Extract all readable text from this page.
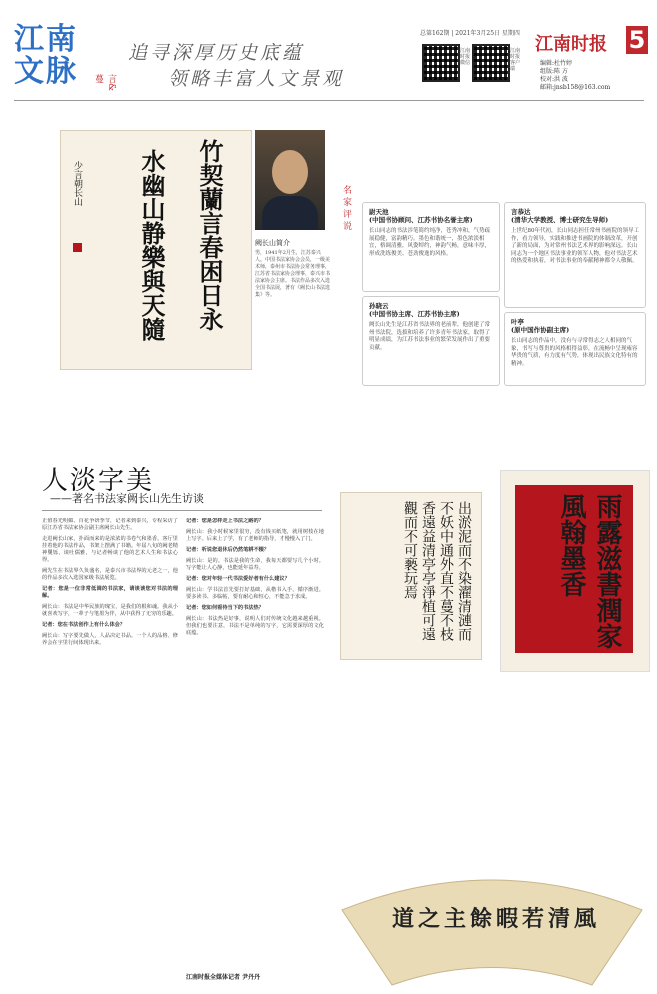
江南文脉	言&蔓
追寻深厚历史底蕴
领略丰富人文景观
总第162期 | 2021年3月25日 星期四
江南时报微信
江南时报客户端
江南时报 5
编辑:杜竹婷
组版:陈 方
校对:洪 波
邮箱:jnsb158@163.com
竹契蘭言春困日永
水幽山静樂與天隨
少言朝长山
阙长山简介
男，1941年2月生，江苏泰兴人。中国书法家协会会员，一级美术师，泰州市书法协会常务理事，江苏省书法家协会理事，泰兴市书法家协会主席。书法作品多次入选全国书法展，著有《阙长山书法选集》等。
名家评说	尉天池
(中国书协顾问、江苏书协名誉主席)
长山同志的书法涉笔简约纯净，苍秀冲和，气势疏展稳健，富韵精巧。墨色和谐统一，墨色浓淡相宜，格调清雅，风姿绰约，神韵气畅，意味丰厚，形成洗练俊美、苍劲俊逸的风格。
言恭达
(清华大学教授、博士研究生导师)
上世纪80年代初，长山同志担任常州书画院的领导工作，看力领导，实践和推进书画院的体制改革，开创了新的局面，为对常州书法艺术界的影响深远。长山同志为一个地区书法事业的领军人物，他对书法艺术的热爱和执着，对书法事业的奉献精神都令人敬佩。
孙晓云
(中国书协主席、江苏书协主席)
阙长山先生是江苏省书法界的老前辈，他创建了常州书法院，选拔和培养了许多青年书法家，取得了明显成绩，为江苏书法事业的繁荣发展作出了重要贡献。
叶亭
(原中国作协副主席)
长山同志的作品中，没有与寻常得志之人相同的气象，书写与尊贵的风格相得益彰，在流畅中呈现雍容华贵的气质，有力度有气势，体现出民族文化特有的精神。
人淡字美
——著名书法家阙长山先生访谈

正值春光明媚、百花争妍季节，记者来到泰兴，专程采访了原江苏省书法家协会副主席阙长山先生。

走进阙长山家，扑面而来的是浓浓的书卷气和墨香。客厅里挂着他的书法作品，书架上摆满了书籍。年届八旬的阙老精神矍铄，谈吐儒雅，与记者畅谈了他的艺术人生和书法心得。

阙先生在书法界久负盛名，是泰兴市书法界的元老之一，他的作品多次入选国家级书法展览。

记者：您是一位非常低调的书法家，请谈谈您对书法的理解。

阙长山：书法是中华民族的瑰宝，是我们的根和魂。我从小就喜欢写字，一辈子与笔墨为伴，从中获得了无穷的乐趣。

记者：您在书法创作上有什么体会？

阙长山：写字要先做人，人品决定书品。一个人的品格、修养会在字里行间体现出来。

记者：您是怎样走上书法之路的？

阙长山：我小时候家里很穷，没有钱买纸笔，就用树枝在地上写字。后来上了学，有了老师的指导，才慢慢入了门。

记者：听说您退休后仍然笔耕不辍？

阙长山：是的。书法是我的生命，我每天都要写几个小时。写字能让人心静，也能延年益寿。

记者：您对年轻一代书法爱好者有什么建议？

阙长山：学书法首先要打好基础，从楷书入手，循序渐进。要多读书、多临帖，要有耐心和恒心，不能急于求成。

记者：您如何看待当下的书法热？

阙长山：书法热是好事，说明人们对传统文化越来越重视。但我们也要注意，书法不是单纯的写字，它需要深厚的文化底蕴。

江南时报全媒体记者 尹丹丹
出淤泥而不染濯清漣而不妖中通外直不蔓不枝香遠益清亭亭淨植可遠觀而不可褻玩焉	雨露滋書潤家風翰墨香
道之主餘暇若清風
